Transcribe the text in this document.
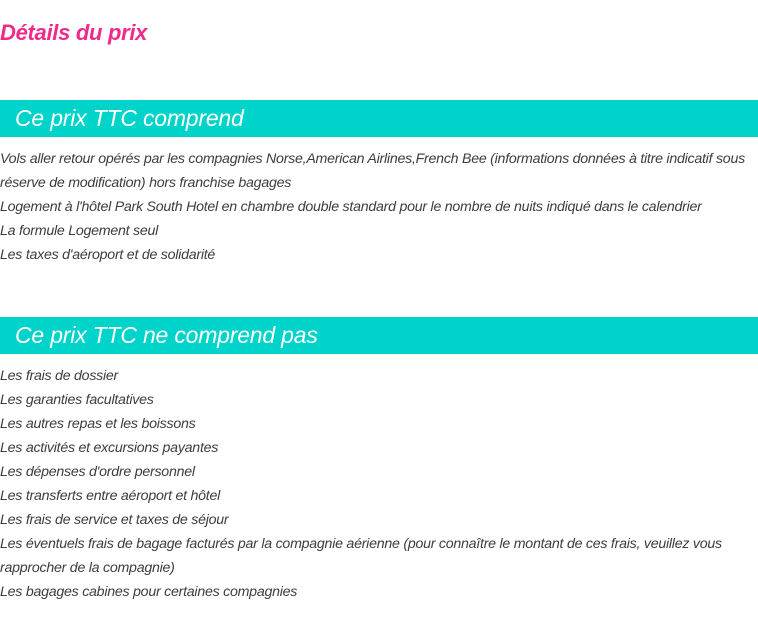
Détails du prix
Ce prix TTC comprend
Vols aller retour opérés par les compagnies Norse,American Airlines,French Bee (informations données à titre indicatif sous réserve de modification) hors franchise bagages
Logement à l'hôtel Park South Hotel en chambre double standard pour le nombre de nuits indiqué dans le calendrier
La formule Logement seul
Les taxes d'aéroport et de solidarité
Ce prix TTC ne comprend pas
Les frais de dossier
Les garanties facultatives
Les autres repas et les boissons
Les activités et excursions payantes
Les dépenses d'ordre personnel
Les transferts entre aéroport et hôtel
Les frais de service et taxes de séjour
Les éventuels frais de bagage facturés par la compagnie aérienne (pour connaître le montant de ces frais, veuillez vous rapprocher de la compagnie)
Les bagages cabines pour certaines compagnies
